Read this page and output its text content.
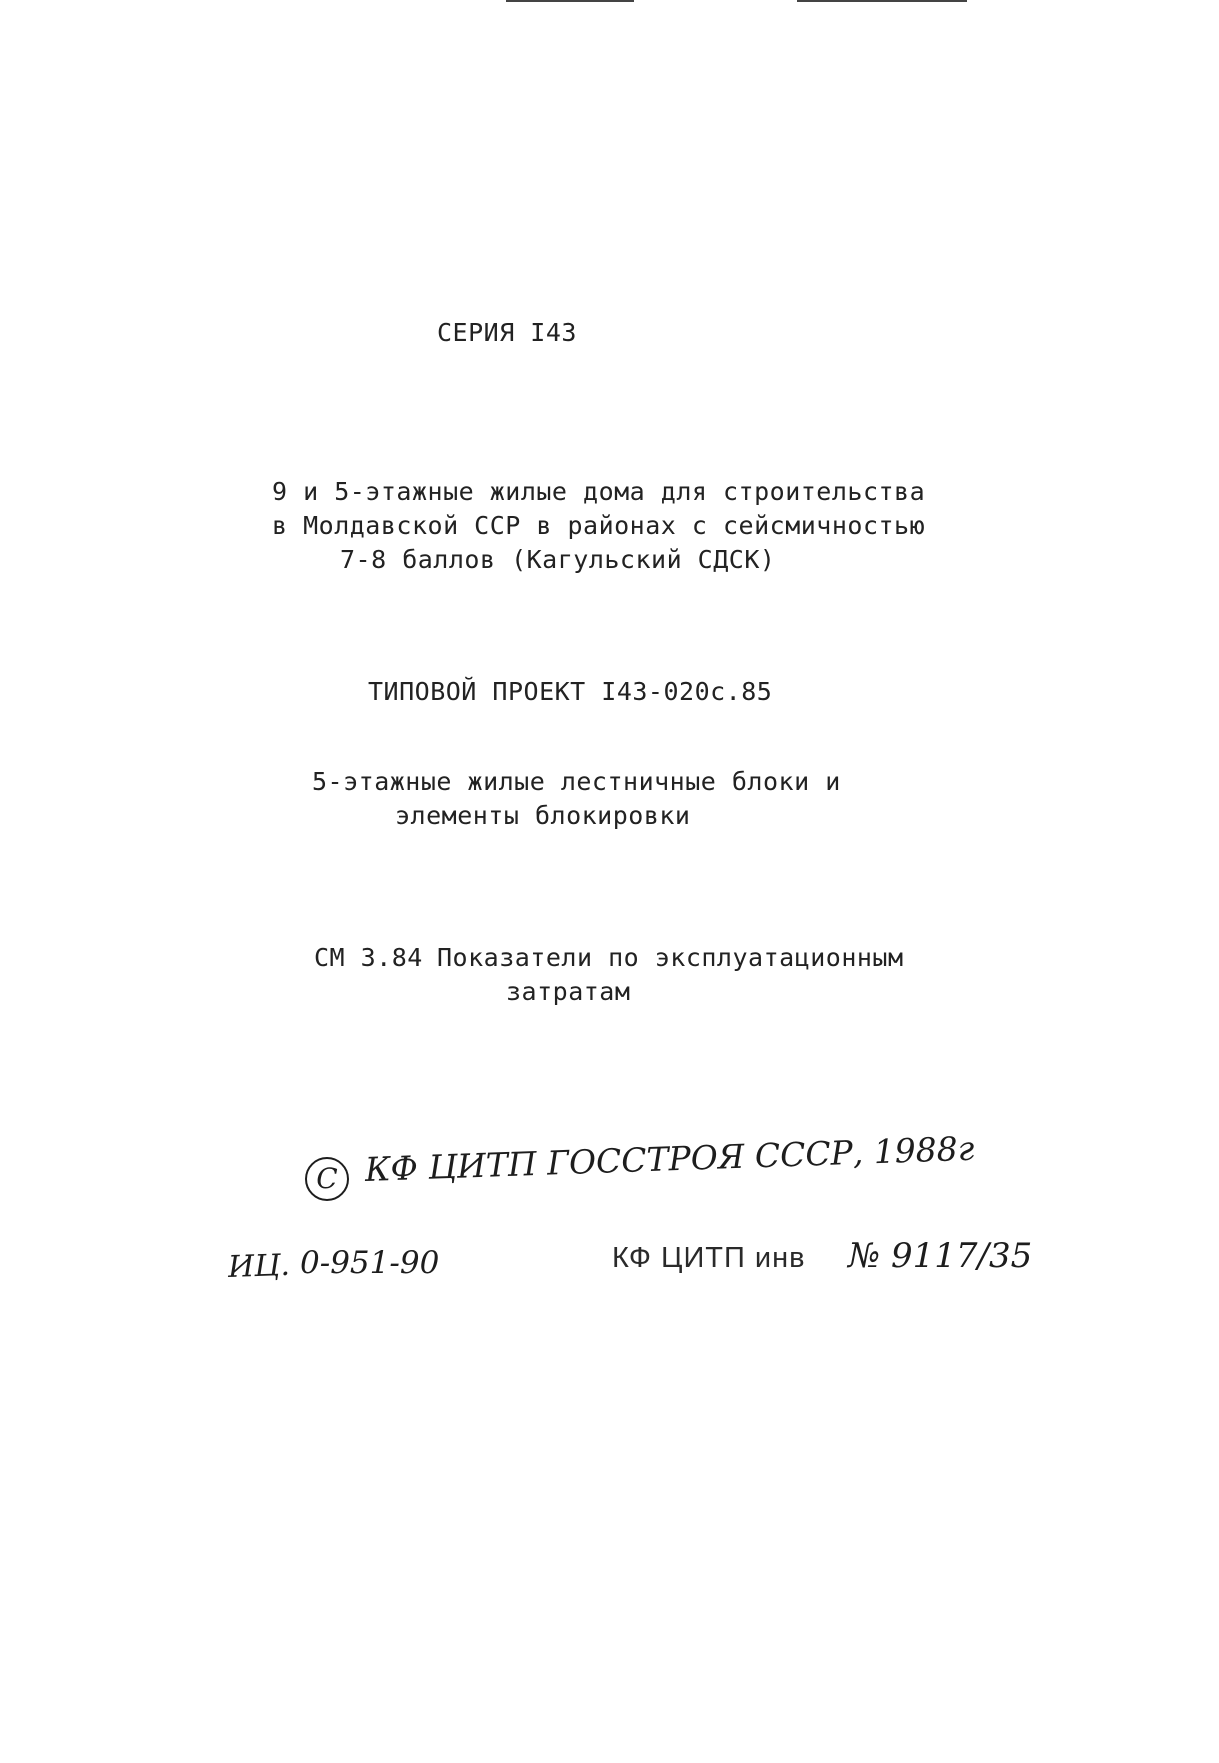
СЕРИЯ I43
9 и 5-этажные жилые дома для строительства
в Молдавской ССР в районах с сейсмичностью
7-8 баллов (Кагульский СДСК)
ТИПОВОЙ ПРОЕКТ I43-020с.85
5-этажные жилые лестничные блоки и
элементы блокировки
СМ 3.84 Показатели по эксплуатационным
затратам
C КФ ЦИТП ГОССТРОЯ СССР, 1988г
ИЦ. 0-951-90	КФ ЦИТП инв № 9117/35
